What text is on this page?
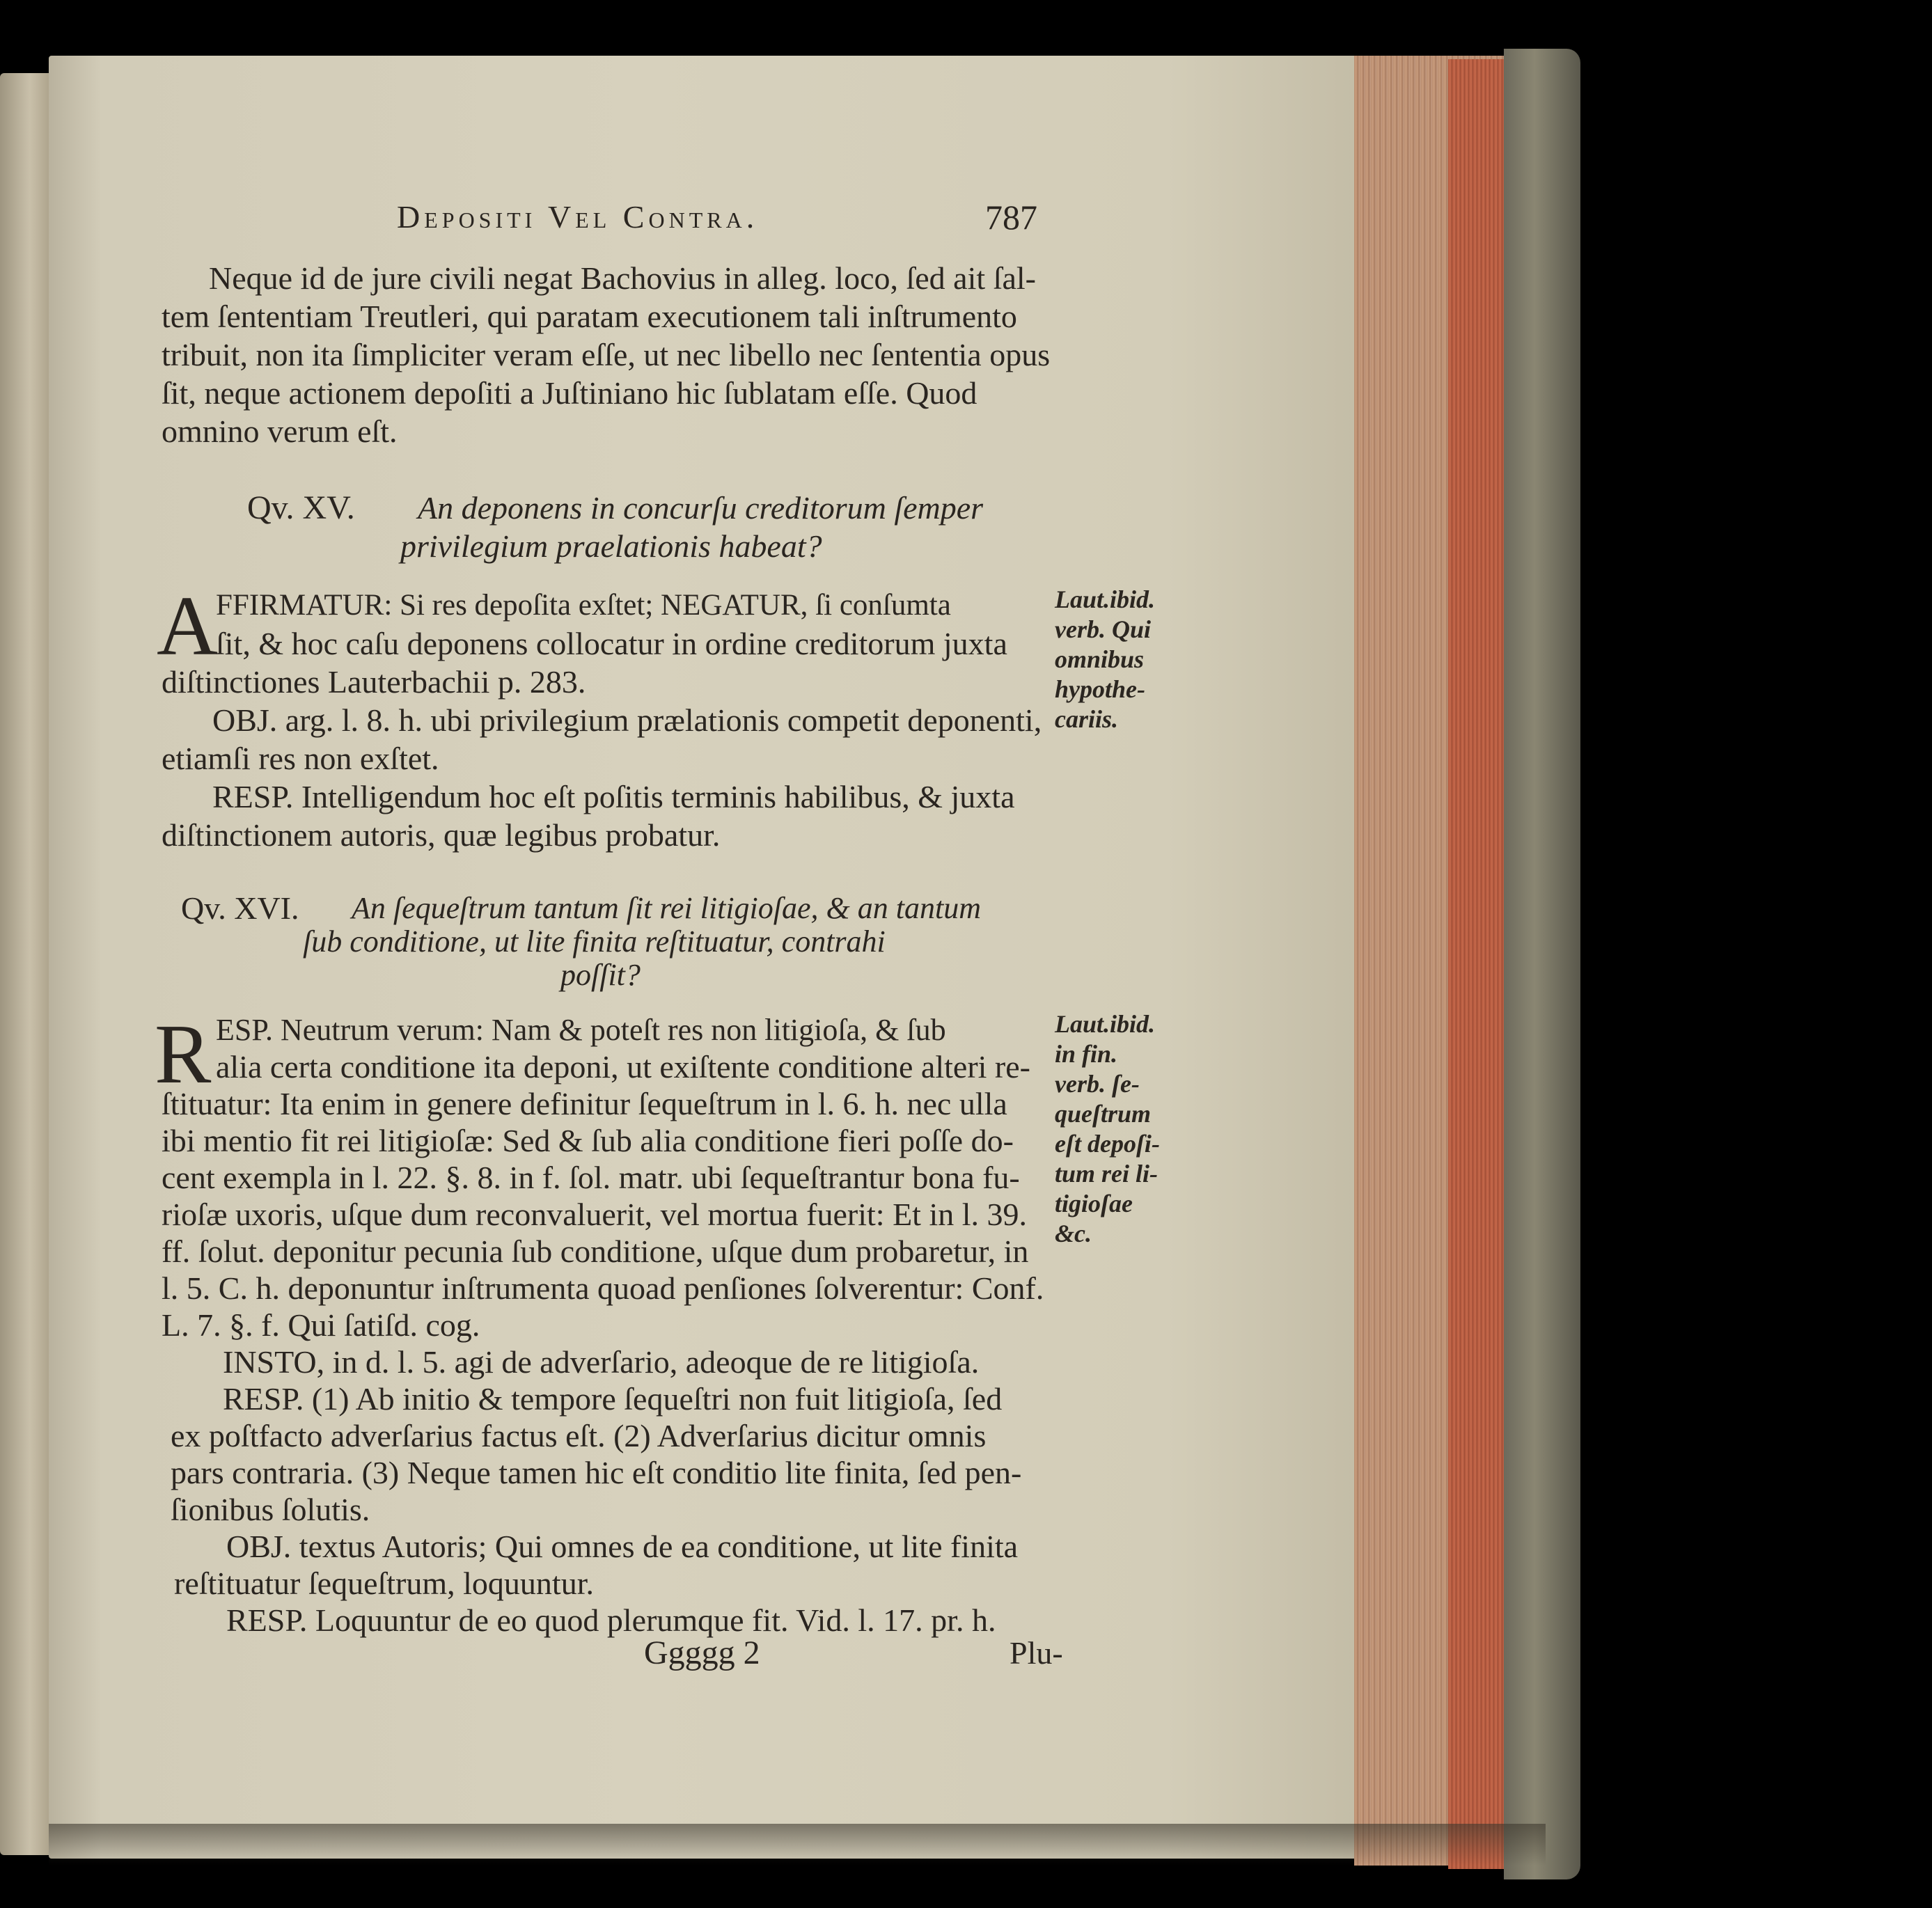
Depositi Vel Contra.	787
Neque id de jure civili negat Bachovius in alleg. loco, ſed ait ſal-
tem ſententiam Treutleri, qui paratam executionem tali inſtrumento
tribuit, non ita ſimpliciter veram eſſe, ut nec libello nec ſententia opus
ſit, neque actionem depoſiti a Juſtiniano hic ſublatam eſſe. Quod
omnino verum eſt.
Qv. XV. An deponens in concurſu creditorum ſemper
privilegium praelationis habeat?
A
FFIRMATUR: Si res depoſita exſtet; NEGATUR, ſi conſumta
ſit, & hoc caſu deponens collocatur in ordine creditorum juxta
diſtinctiones Lauterbachii p. 283.
OBJ. arg. l. 8. h. ubi privilegium prælationis competit deponenti,
etiamſi res non exſtet.
RESP. Intelligendum hoc eſt poſitis terminis habilibus, & juxta
diſtinctionem autoris, quæ legibus probatur.
Laut.ibid.
verb. Qui
omnibus
hypothe-
cariis.
Qv. XVI. An ſequeſtrum tantum ſit rei litigioſae, & an tantum
ſub conditione, ut lite finita reſtituatur, contrahi
poſſit?
R ESP. Neutrum verum: Nam & poteſt res non litigioſa, & ſub
alia certa conditione ita deponi, ut exiſtente conditione alteri re-
ſtituatur: Ita enim in genere definitur ſequeſtrum in l. 6. h. nec ulla
ibi mentio fit rei litigioſæ: Sed & ſub alia conditione fieri poſſe do-
cent exempla in l. 22. §. 8. in f. ſol. matr. ubi ſequeſtrantur bona fu-
rioſæ uxoris, uſque dum reconvaluerit, vel mortua fuerit: Et in l. 39.
ff. ſolut. deponitur pecunia ſub conditione, uſque dum probaretur, in
l. 5. C. h. deponuntur inſtrumenta quoad penſiones ſolverentur: Conf.
L. 7. §. f. Qui ſatiſd. cog.
INSTO, in d. l. 5. agi de adverſario, adeoque de re litigioſa.
RESP. (1) Ab initio & tempore ſequeſtri non fuit litigioſa, ſed
ex poſtfacto adverſarius factus eſt. (2) Adverſarius dicitur omnis
pars contraria. (3) Neque tamen hic eſt conditio lite finita, ſed pen-
ſionibus ſolutis.
OBJ. textus Autoris; Qui omnes de ea conditione, ut lite finita
reſtituatur ſequeſtrum, loquuntur.
RESP. Loquuntur de eo quod plerumque fit. Vid. l. 17. pr. h.
Laut.ibid.
in fin.
verb. ſe-
queſtrum
eſt depoſi-
tum rei li-
tigioſae
&c.
Ggggg 2	Plu-
